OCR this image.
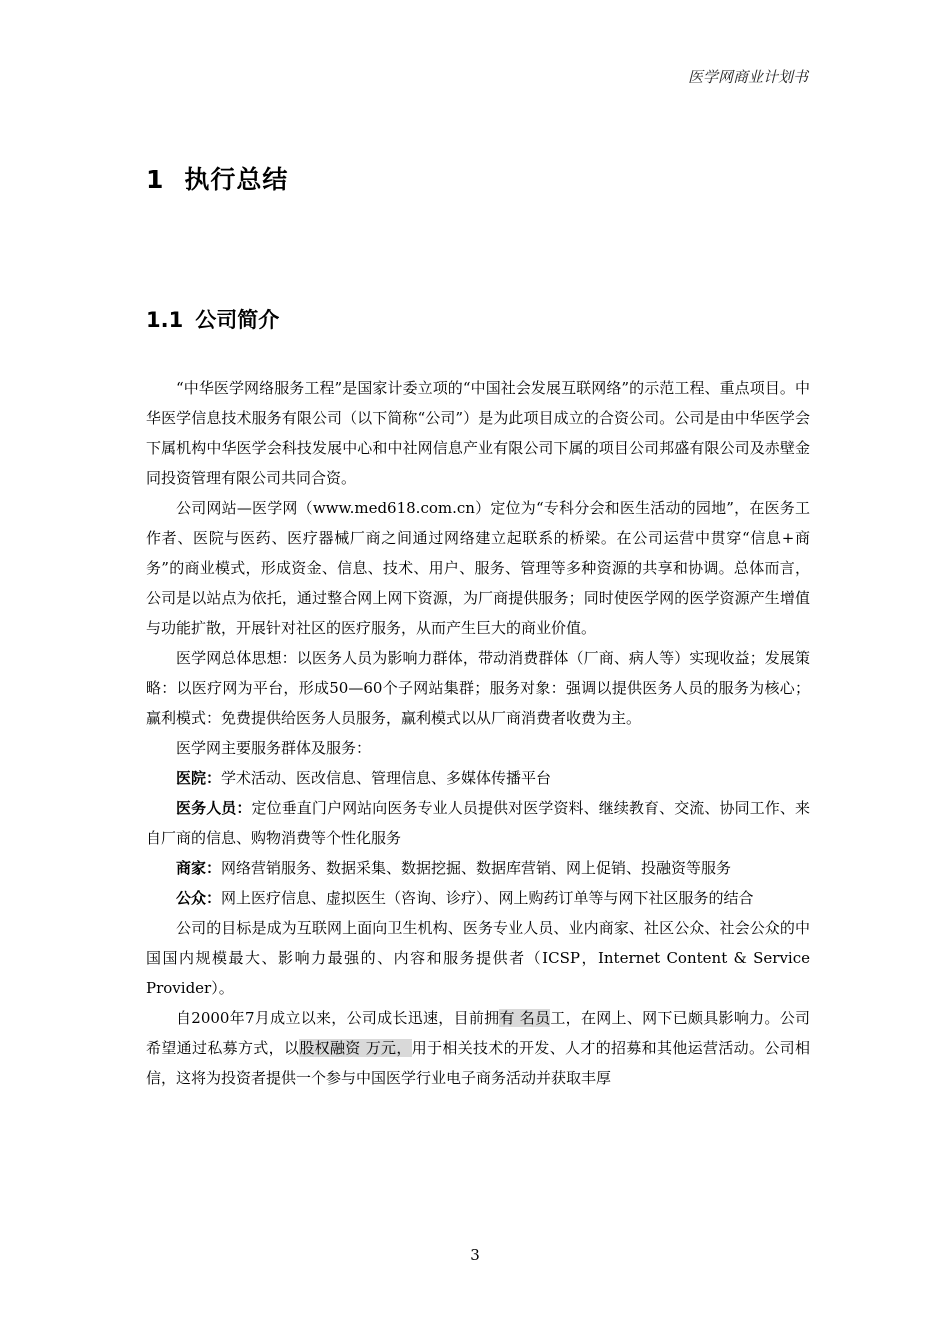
医学网商业计划书
1 执行总结
1.1 公司简介

“中华医学网络服务工程”是国家计委立项的“中国社会发展互联网络”的示范工程、重点项目。中华医学信息技术服务有限公司（以下简称“公司”）是为此项目成立的合资公司。公司是由中华医学会下属机构中华医学会科技发展中心和中社网信息产业有限公司下属的项目公司邦盛有限公司及赤壁金同投资管理有限公司共同合资。

公司网站—医学网（www.med618.com.cn）定位为“专科分会和医生活动的园地”，在医务工作者、医院与医药、医疗器械厂商之间通过网络建立起联系的桥梁。在公司运营中贯穿“信息+商务”的商业模式，形成资金、信息、技术、用户、服务、管理等多种资源的共享和协调。总体而言，公司是以站点为依托，通过整合网上网下资源，为厂商提供服务；同时使医学网的医学资源产生增值与功能扩散，开展针对社区的医疗服务，从而产生巨大的商业价值。

医学网总体思想：以医务人员为影响力群体，带动消费群体（厂商、病人等）实现收益；发展策略：以医疗网为平台，形成50—60个子网站集群；服务对象：强调以提供医务人员的服务为核心；赢利模式：免费提供给医务人员服务，赢利模式以从厂商消费者收费为主。

医学网主要服务群体及服务：

医院：学术活动、医改信息、管理信息、多媒体传播平台

医务人员：定位垂直门户网站向医务专业人员提供对医学资料、继续教育、交流、协同工作、来自厂商的信息、购物消费等个性化服务

商家：网络营销服务、数据采集、数据挖掘、数据库营销、网上促销、投融资等服务

公众：网上医疗信息、虚拟医生（咨询、诊疗）、网上购药订单等与网下社区服务的结合

公司的目标是成为互联网上面向卫生机构、医务专业人员、业内商家、社区公众、社会公众的中国国内规模最大、影响力最强的、内容和服务提供者（ICSP，Internet Content & Service Provider）。

自2000年7月成立以来，公司成长迅速，目前拥有 名员工，在网上、网下已颇具影响力。公司希望通过私募方式，以股权融资 万元，用于相关技术的开发、人才的招募和其他运营活动。公司相信，这将为投资者提供一个参与中国医学行业电子商务活动并获取丰厚

3
